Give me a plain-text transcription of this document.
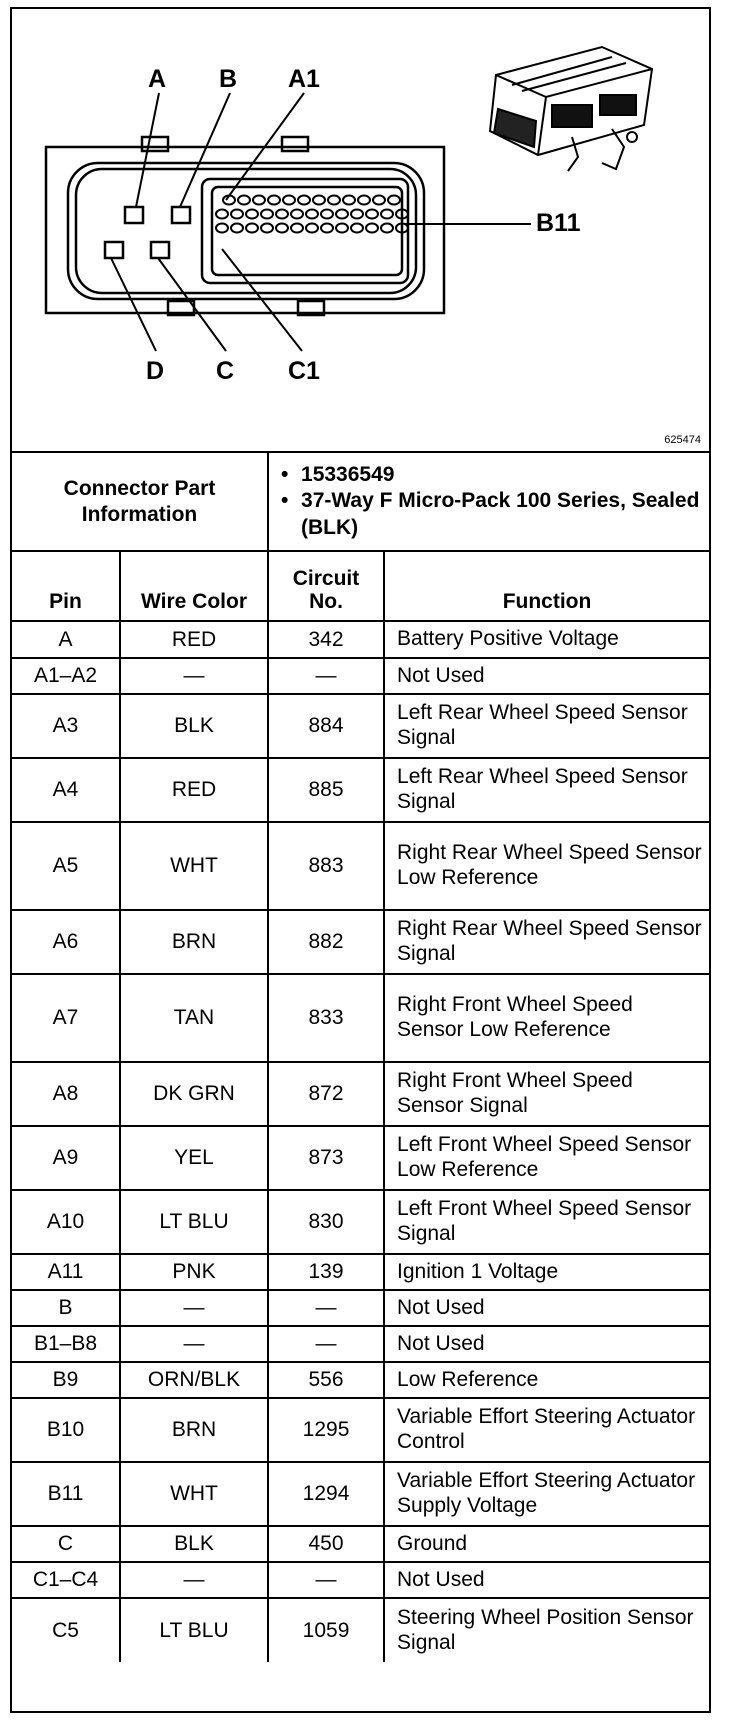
A B A1
B11
D C C1
625474
Connector Part Information		• 15336549
• 37-Way F Micro-Pack 100 Series, Sealed (BLK)	

Pin	Wire Color	Circuit No.	Function
A	RED	342	Battery Positive Voltage
A1–A2	—	—	Not Used
A3	BLK	884	Left Rear Wheel Speed Sensor Signal
A4	RED	885	Left Rear Wheel Speed Sensor Signal
A5	WHT	883	Right Rear Wheel Speed Sensor Low Reference
A6	BRN	882	Right Rear Wheel Speed Sensor Signal
A7	TAN	833	Right Front Wheel Speed Sensor Low Reference
A8	DK GRN	872	Right Front Wheel Speed Sensor Signal
A9	YEL	873	Left Front Wheel Speed Sensor Low Reference
A10	LT BLU	830	Left Front Wheel Speed Sensor Signal
A11	PNK	139	Ignition 1 Voltage
B	—	—	Not Used
B1–B8	—	—	Not Used
B9	ORN/BLK	556	Low Reference
B10	BRN	1295	Variable Effort Steering Actuator Control
B11	WHT	1294	Variable Effort Steering Actuator Supply Voltage
C	BLK	450	Ground
C1–C4	—	—	Not Used
C5	LT BLU	1059	Steering Wheel Position Sensor Signal
